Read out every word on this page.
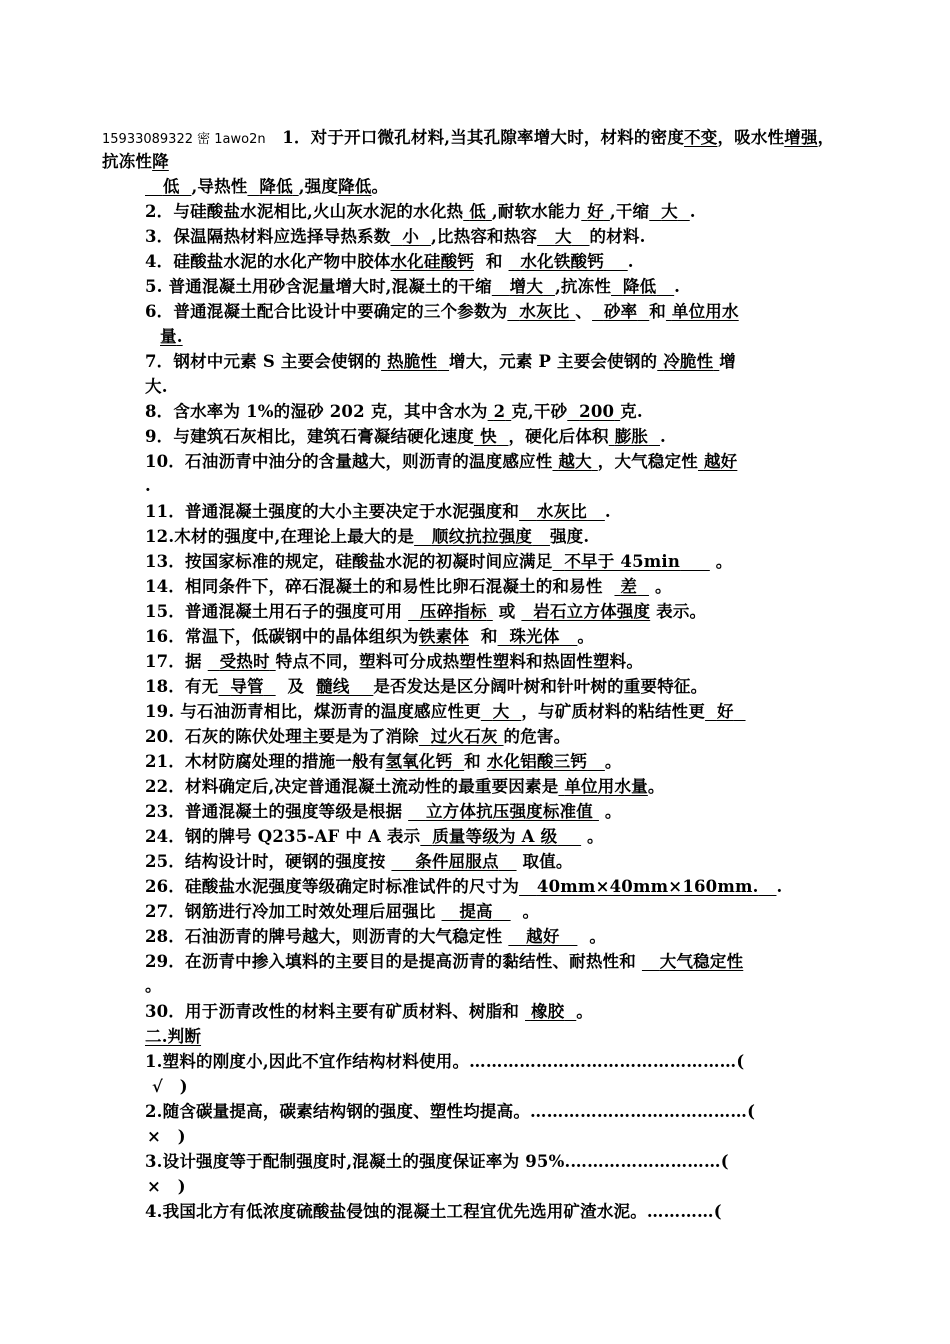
15933089322 密 1awo2n　 1．对于开口微孔材料,当其孔隙率增大时，材料的密度不变，吸水性增强，
抗冻性降
低 ,导热性 降低 ,强度降低。
2．与硅酸盐水泥相比,火山灰水泥的水化热 低 ,耐软水能力 好 ,干缩 大 .
3．保温隔热材料应选择导热系数 小 ,比热容和热容 大 的材料.
4．硅酸盐水泥的水化产物中胶体水化硅酸钙 和 水化铁酸钙 .
5. 普通混凝土用砂含泥量增大时,混凝土的干缩 增大 ,抗冻性 降低 .
6．普通混凝土配合比设计中要确定的三个参数为 水灰比 、 砂率 和 单位用水
量.
7．钢材中元素 S 主要会使钢的 热脆性 增大，元素 P 主要会使钢的 冷脆性 增
大.
8．含水率为 1%的湿砂 202 克，其中含水为 2 克,干砂 200 克.
9．与建筑石灰相比，建筑石膏凝结硬化速度 快 ，硬化后体积 膨胀 .
10．石油沥青中油分的含量越大，则沥青的温度感应性 越大 ，大气稳定性 越好
.
11．普通混凝土强度的大小主要决定于水泥强度和 水灰比 .
12.木材的强度中,在理论上最大的是 顺纹抗拉强度 强度.
13．按国家标准的规定，硅酸盐水泥的初凝时间应满足 不早于 45min 。
14．相同条件下，碎石混凝土的和易性比卵石混凝土的和易性 差 。
15．普通混凝土用石子的强度可用 压碎指标 或 岩石立方体强度 表示。
16．常温下，低碳钢中的晶体组织为铁素体 和 珠光体 。
17．据 受热时 特点不同，塑料可分成热塑性塑料和热固性塑料。
18．有无 导管 及 髓线 是否发达是区分阔叶树和针叶树的重要特征。
19. 与石油沥青相比，煤沥青的温度感应性更 大 ，与矿质材料的粘结性更 好
20．石灰的陈伏处理主要是为了消除 过火石灰 的危害。
21．木材防腐处理的措施一般有氢氧化钙 和 水化铝酸三钙 。
22．材料确定后,决定普通混凝土流动性的最重要因素是 单位用水量。
23．普通混凝土的强度等级是根据 立方体抗压强度标准值 。
24．钢的牌号 Q235-AF 中 A 表示 质量等级为 A 级 。
25．结构设计时，硬钢的强度按 条件屈服点 取值。
26．硅酸盐水泥强度等级确定时标准试件的尺寸为 40mm×40mm×160mm. .
27．钢筋进行冷加工时效处理后屈强比 提高 。
28．石油沥青的牌号越大，则沥青的大气稳定性 越好 。
29．在沥青中掺入填料的主要目的是提高沥青的黏结性、耐热性和 大气稳定性
。
30．用于沥青改性的材料主要有矿质材料、树脂和 橡胶 。
二.判断
1.塑料的刚度小,因此不宜作结构材料使用。…………………………………………(
√　)
2.随含碳量提高，碳素结构钢的强度、塑性均提高。…………………………………(
×　)
3.设计强度等于配制强度时,混凝土的强度保证率为 95%.………………………(
×　)
4.我国北方有低浓度硫酸盐侵蚀的混凝土工程宜优先选用矿渣水泥。…………(
